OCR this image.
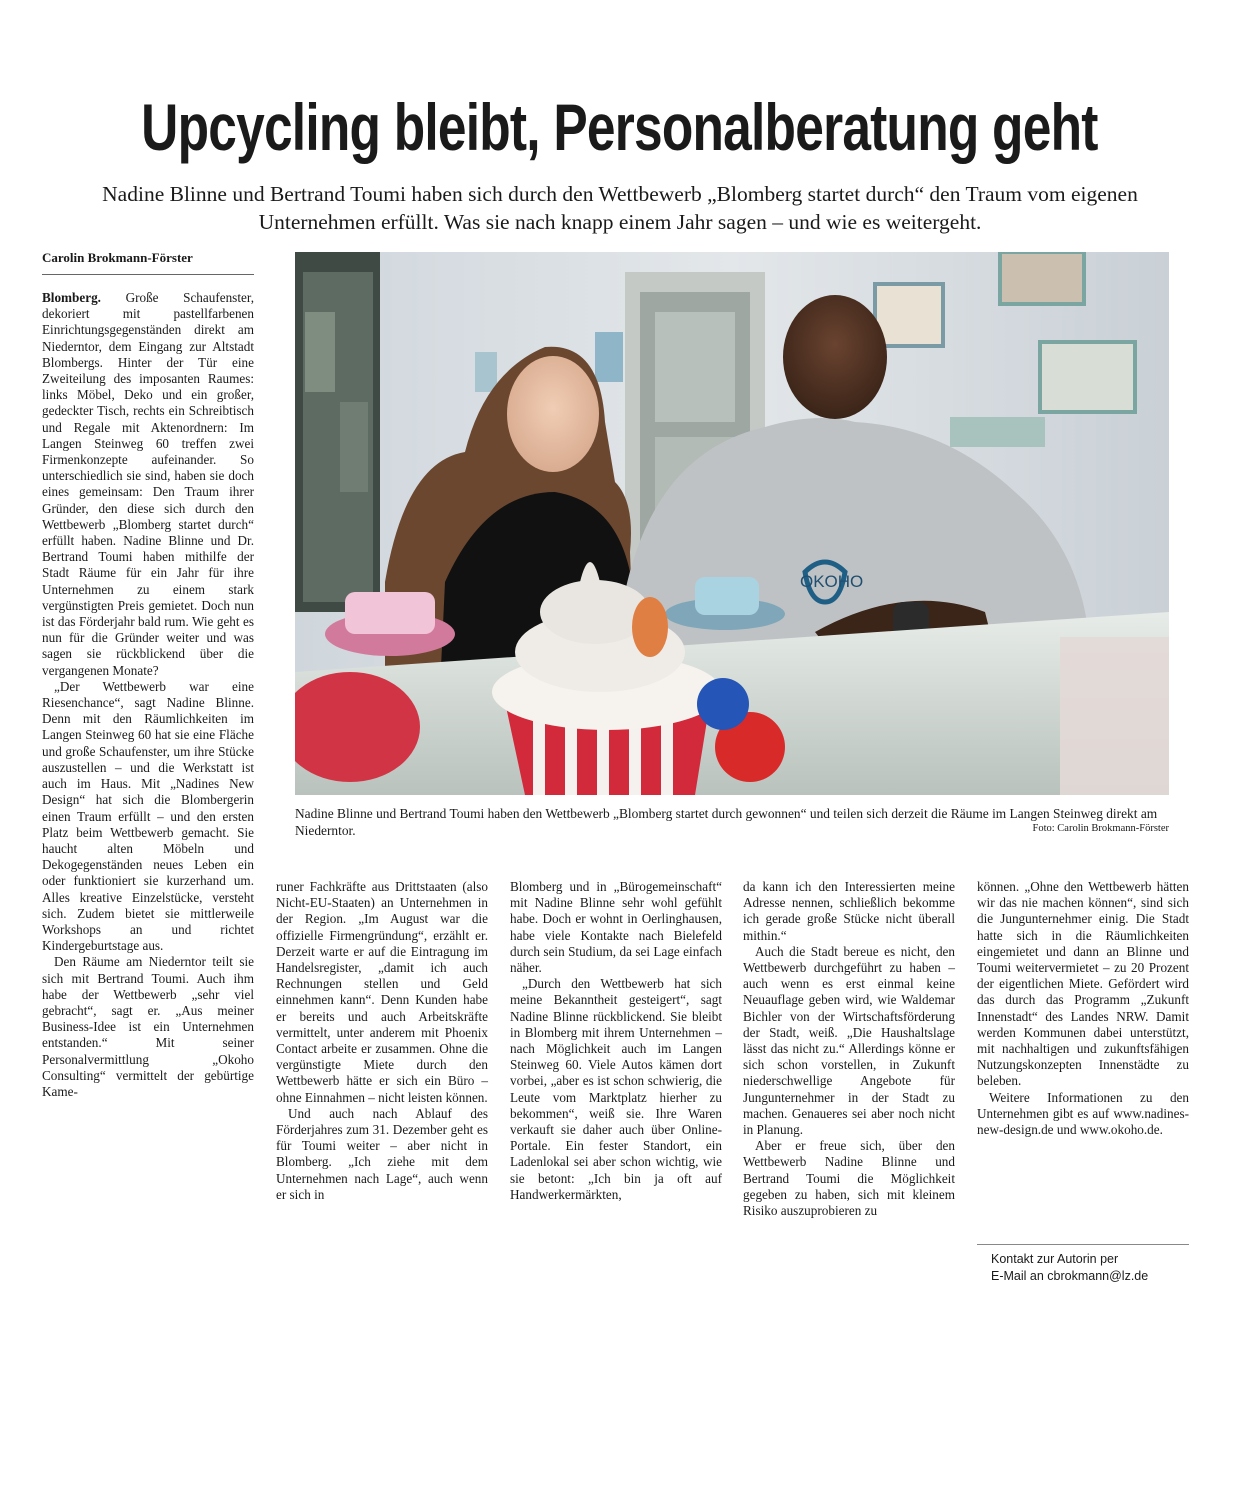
Upcycling bleibt, Personalberatung geht
Nadine Blinne und Bertrand Toumi haben sich durch den Wettbewerb „Blomberg startet durch“ den Traum vom eigenen Unternehmen erfüllt. Was sie nach knapp einem Jahr sagen – und wie es weitergeht.
Carolin Brokmann-Förster
OKOHO
Nadine Blinne und Bertrand Toumi haben den Wettbewerb „Blomberg startet durch gewonnen“ und teilen sich derzeit die Räume im Langen Steinweg direkt am Niederntor.	Foto: Carolin Brokmann-Förster

Blomberg. Große Schaufenster, dekoriert mit pastellfarbenen Einrichtungsgegenständen direkt am Niederntor, dem Eingang zur Altstadt Blombergs. Hinter der Tür eine Zweiteilung des imposanten Raumes: links Möbel, Deko und ein großer, gedeckter Tisch, rechts ein Schreibtisch und Regale mit Aktenordnern: Im Langen Steinweg 60 treffen zwei Firmenkonzepte aufeinander. So unterschiedlich sie sind, haben sie doch eines gemeinsam: Den Traum ihrer Gründer, den diese sich durch den Wettbewerb „Blomberg startet durch“ erfüllt haben. Nadine Blinne und Dr. Bertrand Toumi haben mithilfe der Stadt Räume für ein Jahr für ihre Unternehmen zu einem stark vergünstigten Preis gemietet. Doch nun ist das Förderjahr bald rum. Wie geht es nun für die Gründer weiter und was sagen sie rückblickend über die vergangenen Monate?

„Der Wettbewerb war eine Riesenchance“, sagt Nadine Blinne. Denn mit den Räumlichkeiten im Langen Steinweg 60 hat sie eine Fläche und große Schaufenster, um ihre Stücke auszustellen – und die Werkstatt ist auch im Haus. Mit „Nadines New Design“ hat sich die Blombergerin einen Traum erfüllt – und den ersten Platz beim Wettbewerb gemacht. Sie haucht alten Möbeln und Dekogegenständen neues Leben ein oder funktioniert sie kurzerhand um. Alles kreative Einzelstücke, versteht sich. Zudem bietet sie mittlerweile Workshops an und richtet Kindergeburtstage aus.

Den Räume am Niederntor teilt sie sich mit Bertrand Toumi. Auch ihm habe der Wettbewerb „sehr viel gebracht“, sagt er. „Aus meiner Business-Idee ist ein Unternehmen entstanden.“ Mit seiner Personalvermittlung „Okoho Consulting“ vermittelt der gebürtige Kame-

runer Fachkräfte aus Drittstaaten (also Nicht-EU-Staaten) an Unternehmen in der Region. „Im August war die offizielle Firmengründung“, erzählt er. Derzeit warte er auf die Eintragung im Handelsregister, „damit ich auch Rechnungen stellen und Geld einnehmen kann“. Denn Kunden habe er bereits und auch Arbeitskräfte vermittelt, unter anderem mit Phoenix Contact arbeite er zusammen. Ohne die vergünstigte Miete durch den Wettbewerb hätte er sich ein Büro – ohne Einnahmen – nicht leisten können.

Und auch nach Ablauf des Förderjahres zum 31. Dezember geht es für Toumi weiter – aber nicht in Blomberg. „Ich ziehe mit dem Unternehmen nach Lage“, auch wenn er sich in

Blomberg und in „Bürogemeinschaft“ mit Nadine Blinne sehr wohl gefühlt habe. Doch er wohnt in Oerlinghausen, habe viele Kontakte nach Bielefeld durch sein Studium, da sei Lage einfach näher.

„Durch den Wettbewerb hat sich meine Bekanntheit gesteigert“, sagt Nadine Blinne rückblickend. Sie bleibt in Blomberg mit ihrem Unternehmen – nach Möglichkeit auch im Langen Steinweg 60. Viele Autos kämen dort vorbei, „aber es ist schon schwierig, die Leute vom Marktplatz hierher zu bekommen“, weiß sie. Ihre Waren verkauft sie daher auch über Online-Portale. Ein fester Standort, ein Ladenlokal sei aber schon wichtig, wie sie betont: „Ich bin ja oft auf Handwerkermärkten,

da kann ich den Interessierten meine Adresse nennen, schließlich bekomme ich gerade große Stücke nicht überall mithin.“

Auch die Stadt bereue es nicht, den Wettbewerb durchgeführt zu haben – auch wenn es erst einmal keine Neuauflage geben wird, wie Waldemar Bichler von der Wirtschaftsförderung der Stadt, weiß. „Die Haushaltslage lässt das nicht zu.“ Allerdings könne er sich schon vorstellen, in Zukunft niederschwellige Angebote für Jungunternehmer in der Stadt zu machen. Genaueres sei aber noch nicht in Planung.

Aber er freue sich, über den Wettbewerb Nadine Blinne und Bertrand Toumi die Möglichkeit gegeben zu haben, sich mit kleinem Risiko auszuprobieren zu

können. „Ohne den Wettbewerb hätten wir das nie machen können“, sind sich die Jungunternehmer einig. Die Stadt hatte sich in die Räumlichkeiten eingemietet und dann an Blinne und Toumi weitervermietet – zu 20 Prozent der eigentlichen Miete. Gefördert wird das durch das Programm „Zukunft Innenstadt“ des Landes NRW. Damit werden Kommunen dabei unterstützt, mit nachhaltigen und zukunftsfähigen Nutzungskonzepten Innenstädte zu beleben.

Weitere Informationen zu den Unternehmen gibt es auf www.nadines-new-design.de und www.okoho.de.

Kontakt zur Autorin per
E-Mail an cbrokmann@lz.de
